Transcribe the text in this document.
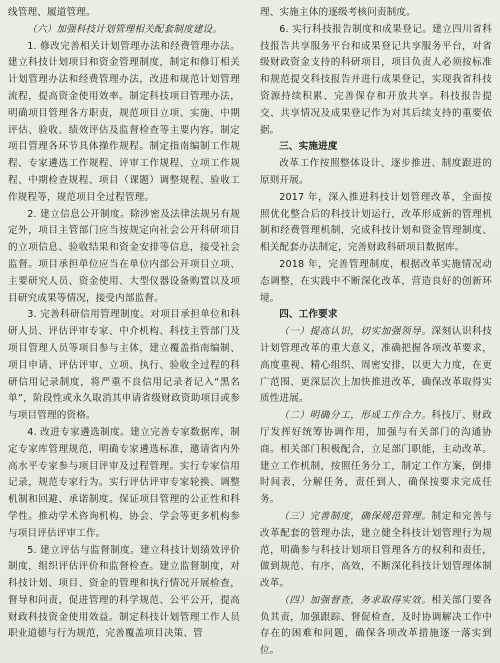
线管理、履道管理。

（六）加强科技计划管理相关配套制度建设。

1. 修改完善相关计划管理办法和经费管理办法。建立科技计划项目和资金管理制度，制定和修订相关计划管理办法和经费管理办法，改进和规范计划管理流程，提高资金使用效率。制定科技项目管理办法，明确项目管理各方职责，规范项目立项、实施、中期评估、验收、绩效评估及监督检查等主要内容。制定项目管理各环节具体操作规程。制定指南编制工作规程、专家遴选工作规程、评审工作规程、立项工作规程、中期检查规程、项目（课题）调整规程、验收工作规程等，规范项目全过程管理。

2. 建立信息公开制度。除涉密及法律法规另有规定外，项目主管部门应当按规定向社会公开科研项目的立项信息、验收结果和资金安排等信息，接受社会监督。项目承担单位应当在单位内部公开项目立项、主要研究人员、资金使用、大型仪器设备购置以及项目研究成果等情况，接受内部监督。

3. 完善科研信用管理制度。对项目承担单位和科研人员、评估评审专家、中介机构、科技主管部门及项目管理人员等项目参与主体，建立覆盖指南编制、项目申请、评估评审、立项、执行、验收全过程的科研信用记录制度，将严重不良信用记录者记入“黑名单”，阶段性或永久取消其申请省级财政资助项目或参与项目管理的资格。

4. 改进专家遴选制度。建立完善专家数据库，制定专家库管理规范，明确专家遴选标准，邀请省内外高水平专家参与项目评审及过程管理。实行专家信用记录，规范专家行为。实行评估评审专家轮换、调整机制和回避、承诺制度。保证项目管理的公正性和科学性。推动学术咨询机构、协会、学会等更多机构参与项目评估评审工作。

5. 建立评估与监督制度。建立科技计划绩效评价制度，组织评估评价和监督检查。建立监督制度，对科技计划、项目、资金的管理和执行情况开展检查，督导和问责，促进管理的科学规范、公平公开，提高财政科技资金使用效益。制定科技计划管理工作人员职业道德与行为规范，完善覆盖项目决策、管

理、实施主体的逐级考核问责制度。

6. 实行科技报告制度和成果登记。建立四川省科技报告共享服务平台和成果登记共享服务平台，对省级财政资金支持的科研项目，项目负责人必须按标准和规范提交科技报告并进行成果登记，实现我省科技资源持续积累、完善保存和开放共享。科技报告提交、共享情况及成果登记作为对其后续支持的重要依据。

三、实施进度

改革工作按照整体设计、逐步推进、制度跟进的原则开展。

2017 年，深入推进科技计划管理改革，全面按照优化整合后的科技计划运行，改革形成新的管理机制和经费管理机制，完成科技计划和资金管理制度、相关配套办法制定，完善财政科研项目数据库。

2018 年，完善管理制度，根据改革实施情况动态调整，在实践中不断深化改革，营造良好的创新环境。

四、工作要求

（一）提高认识，切实加强领导。深刻认识科技计划管理改革的重大意义，准确把握各项改革要求，高度重视、精心组织、周密安排，以更大力度，在更广范围、更深层次上加快推进改革，确保改革取得实质性进展。

（二）明确分工，形成工作合力。科技厅、财政厅发挥好统筹协调作用，加强与有关部门的沟通协商。相关部门积极配合，立足部门职能，主动改革。建立工作机制，按照任务分工，制定工作方案，倒排时间表，分解任务，责任到人，确保按要求完成任务。

（三）完善制度，确保规范管理。制定和完善与改革配套的管理办法，建立健全科技计划管理行为规范，明确参与科技计划项目管理各方的权利和责任，做到规范、有序、高效，不断深化科技计划管理体制改革。

（四）加强督查，务求取得实效。相关部门要各负其责，加强跟踪、督促检查，及时协调解决工作中存在的困难和问题，确保各项改革措施逐一落实到位。
